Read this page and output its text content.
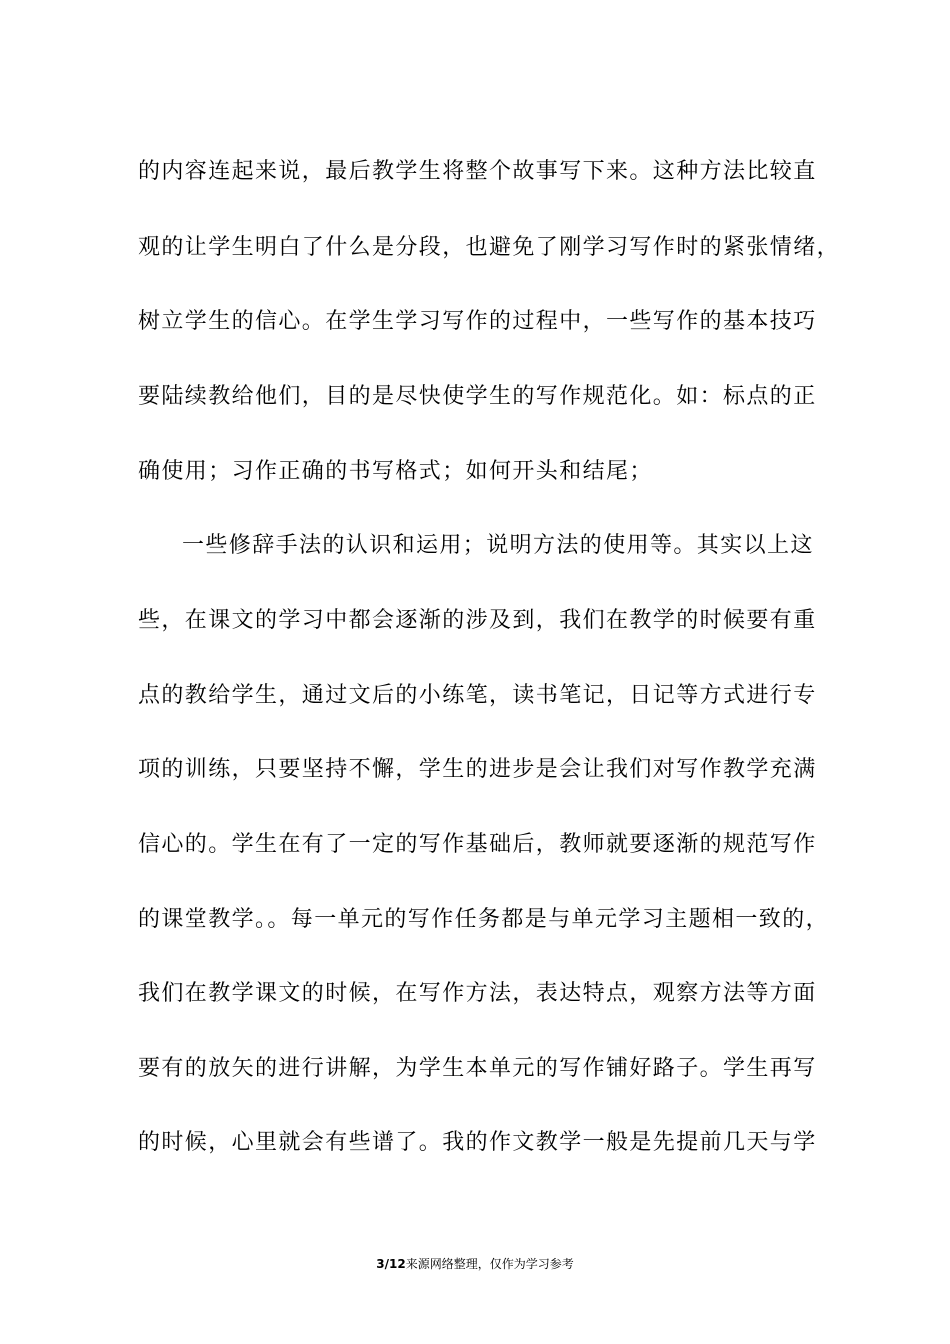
的内容连起来说，最后教学生将整个故事写下来。这种方法比较直
观的让学生明白了什么是分段，也避免了刚学习写作时的紧张情绪，
树立学生的信心。在学生学习写作的过程中，一些写作的基本技巧
要陆续教给他们，目的是尽快使学生的写作规范化。如：标点的正
确使用；习作正确的书写格式；如何开头和结尾；
一些修辞手法的认识和运用；说明方法的使用等。其实以上这
些，在课文的学习中都会逐渐的涉及到，我们在教学的时候要有重
点的教给学生，通过文后的小练笔，读书笔记，日记等方式进行专
项的训练，只要坚持不懈，学生的进步是会让我们对写作教学充满
信心的。学生在有了一定的写作基础后，教师就要逐渐的规范写作
的课堂教学。。每一单元的写作任务都是与单元学习主题相一致的，
我们在教学课文的时候，在写作方法，表达特点，观察方法等方面
要有的放矢的进行讲解，为学生本单元的写作铺好路子。学生再写
的时候，心里就会有些谱了。我的作文教学一般是先提前几天与学
3/12来源网络整理，仅作为学习参考
